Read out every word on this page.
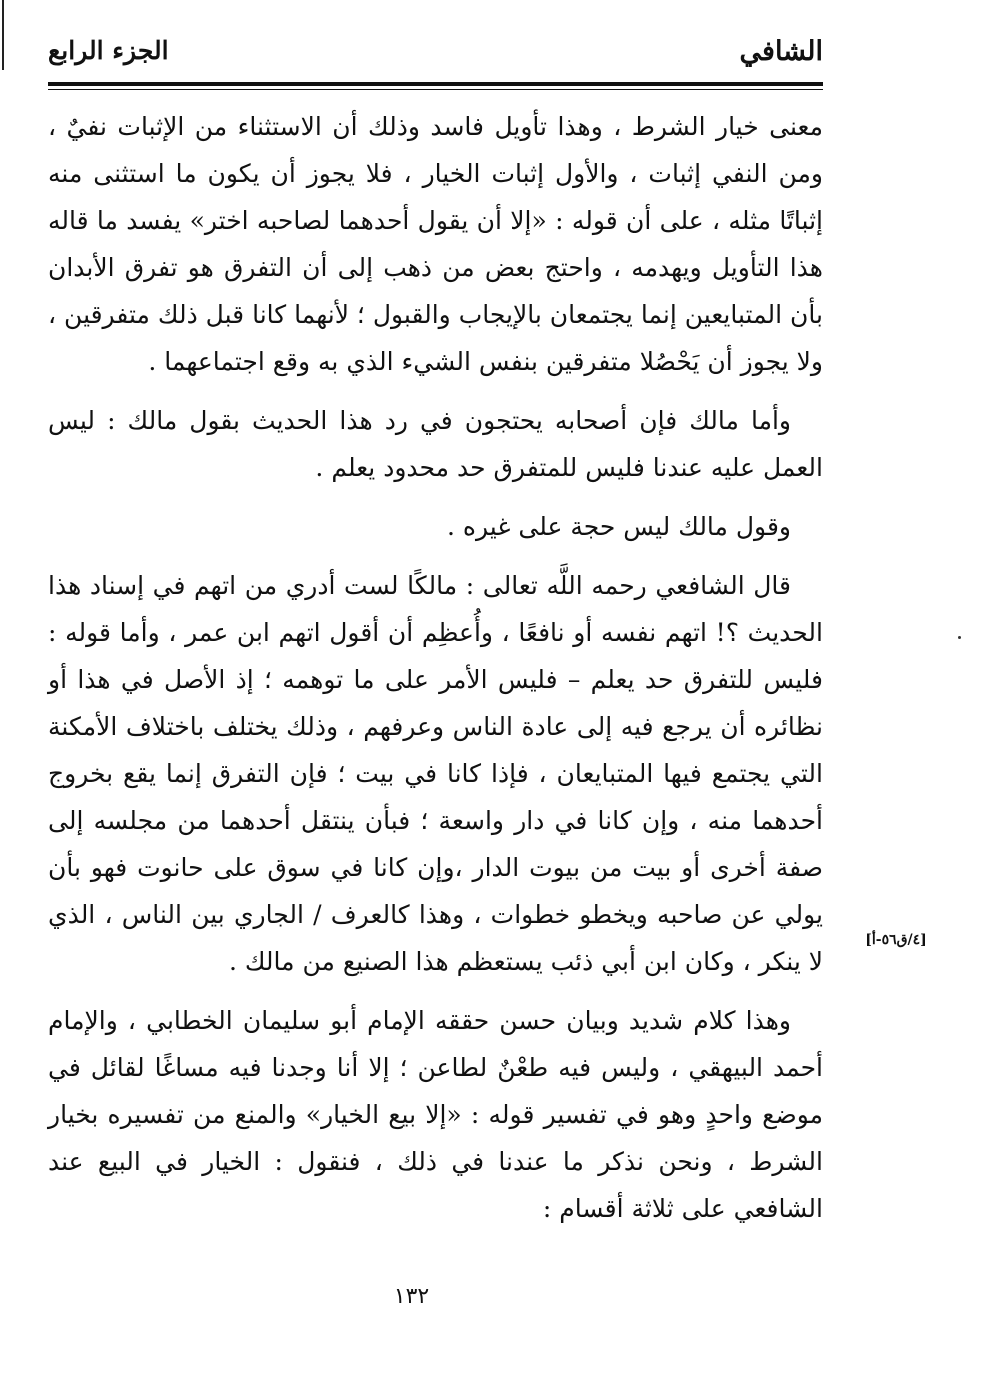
الشافي
الجزء الرابع

معنى خيار الشرط ، وهذا تأويل فاسد وذلك أن الاستثناء من الإثبات نفيٌ ، ومن النفي إثبات ، والأول إثبات الخيار ، فلا يجوز أن يكون ما استثنى منه إثباتًا مثله ، على أن قوله : «إلا أن يقول أحدهما لصاحبه اختر» يفسد ما قاله هذا التأويل ويهدمه ، واحتج بعض من ذهب إلى أن التفرق هو تفرق الأبدان بأن المتبايعين إنما يجتمعان بالإيجاب والقبول ؛ لأنهما كانا قبل ذلك متفرقين ، ولا يجوز أن يَحْصُلا متفرقين بنفس الشيء الذي به وقع اجتماعهما .

وأما مالك فإن أصحابه يحتجون في رد هذا الحديث بقول مالك : ليس العمل عليه عندنا فليس للمتفرق حد محدود يعلم .

وقول مالك ليس حجة على غيره .

قال الشافعي رحمه اللَّه تعالى : مالكًا لست أدري من اتهم في إسناد هذا الحديث ؟! اتهم نفسه أو نافعًا ، وأُعظِم أن أقول اتهم ابن عمر ، وأما قوله : فليس للتفرق حد يعلم – فليس الأمر على ما توهمه ؛ إذ الأصل في هذا أو نظائره أن يرجع فيه إلى عادة الناس وعرفهم ، وذلك يختلف باختلاف الأمكنة التي يجتمع فيها المتبايعان ، فإذا كانا في بيت ؛ فإن التفرق إنما يقع بخروج أحدهما منه ، وإن كانا في دار واسعة ؛ فبأن ينتقل أحدهما من مجلسه إلى صفة أخرى أو بيت من بيوت الدار ،وإن كانا في سوق على حانوت فهو بأن يولي عن صاحبه ويخطو خطوات ، وهذا كالعرف / الجاري بين الناس ، الذي لا ينكر ، وكان ابن أبي ذئب يستعظم هذا الصنيع من مالك .

وهذا كلام شديد وبيان حسن حققه الإمام أبو سليمان الخطابي ، والإمام أحمد البيهقي ، وليس فيه طعْنٌ لطاعن ؛ إلا أنا وجدنا فيه مساغًا لقائل في موضع واحدٍ وهو في تفسير قوله : «إلا بيع الخيار» والمنع من تفسيره بخيار الشرط ، ونحن نذكر ما عندنا في ذلك ، فنقول : الخيار في البيع عند الشافعي على ثلاثة أقسام :

[٤/ق٥٦-أ]
١٣٢
